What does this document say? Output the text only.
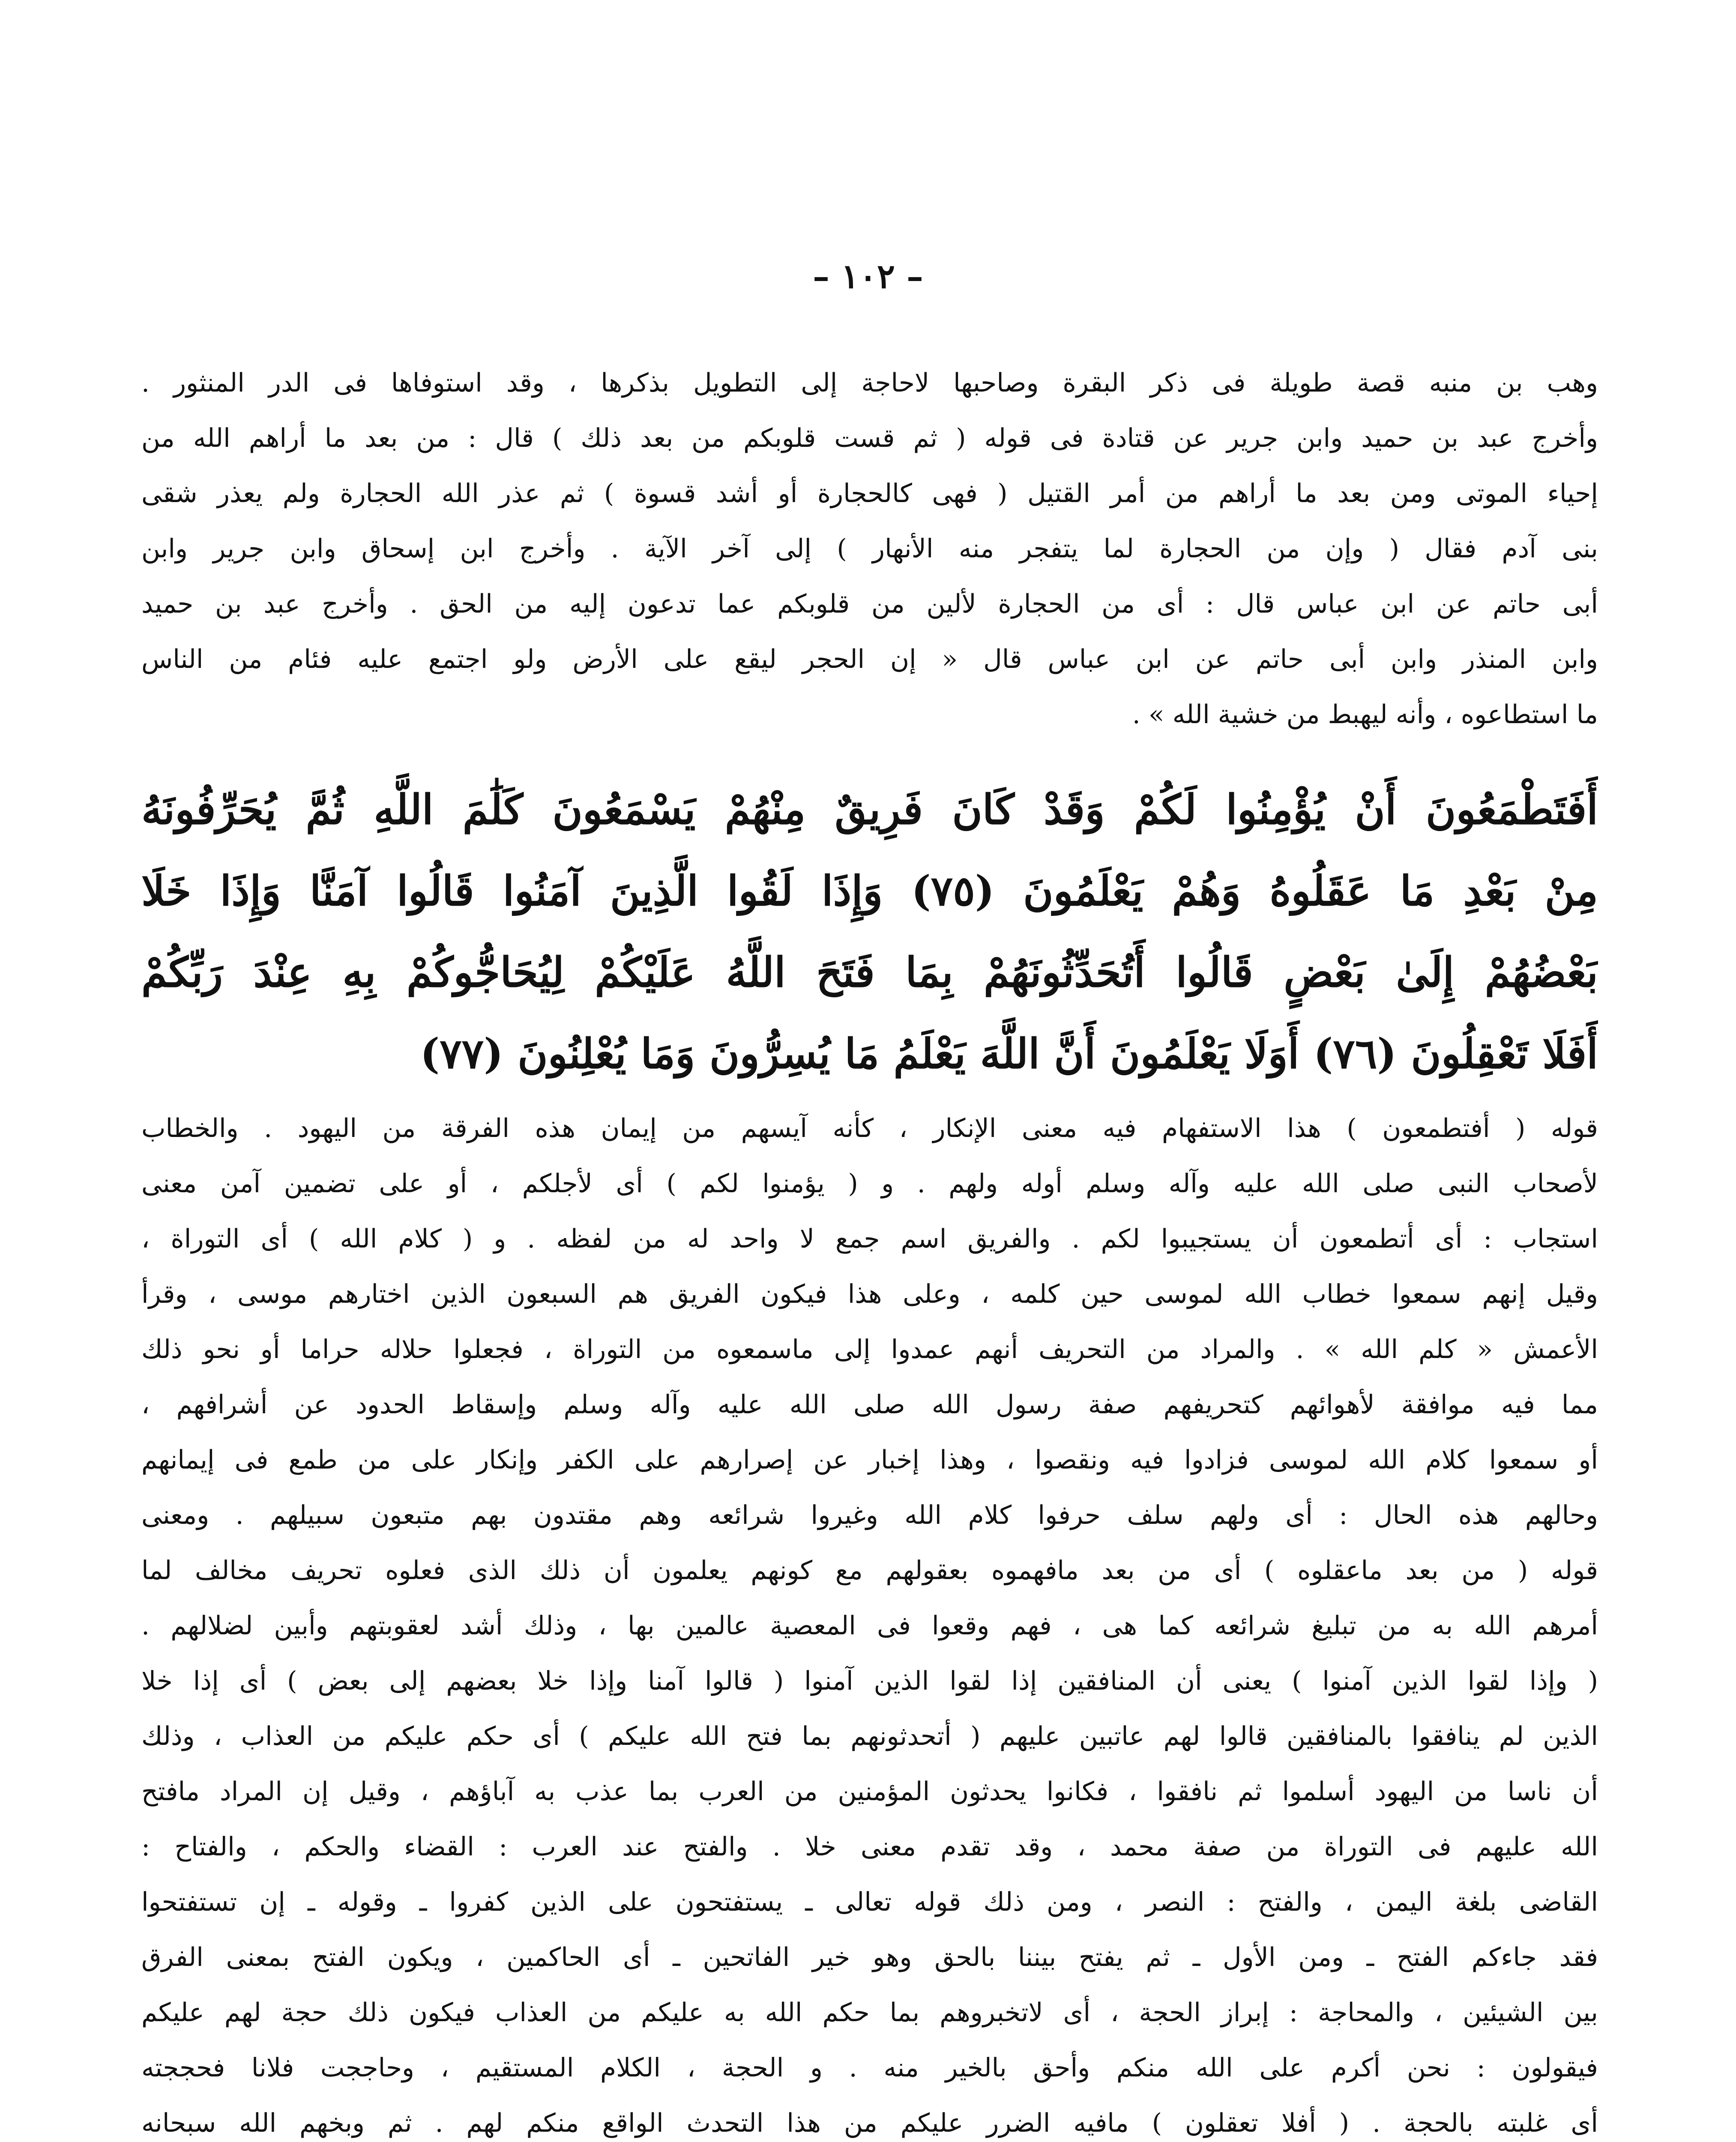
– ١٠٢ –
وهب بن منبه قصة طويلة فى ذكر البقرة وصاحبها لاحاجة إلى التطويل بذكرها ، وقد استوفاها فى الدر المنثور .
وأخرج عبد بن حميد وابن جرير عن قتادة فى قوله ( ثم قست قلوبكم من بعد ذلك ) قال : من بعد ما أراهم الله من
إحياء الموتى ومن بعد ما أراهم من أمر القتيل ( فهى كالحجارة أو أشد قسوة ) ثم عذر الله الحجارة ولم يعذر شقى
بنى آدم فقال ( وإن من الحجارة لما يتفجر منه الأنهار ) إلى آخر الآية . وأخرج ابن إسحاق وابن جرير وابن
أبى حاتم عن ابن عباس قال : أى من الحجارة لألين من قلوبكم عما تدعون إليه من الحق . وأخرج عبد بن حميد
وابن المنذر وابن أبى حاتم عن ابن عباس قال « إن الحجر ليقع على الأرض ولو اجتمع عليه فئام من الناس
ما استطاعوه ، وأنه ليهبط من خشية الله » .
أَفَتَطْمَعُونَ أَنْ يُؤْمِنُوا لَكُمْ وَقَدْ كَانَ فَرِيقٌ مِنْهُمْ يَسْمَعُونَ كَلَٰمَ اللَّهِ ثُمَّ يُحَرِّفُونَهُ
مِنْ بَعْدِ مَا عَقَلُوهُ وَهُمْ يَعْلَمُونَ (٧٥) وَإِذَا لَقُوا الَّذِينَ آمَنُوا قَالُوا آمَنَّا وَإِذَا خَلَا
بَعْضُهُمْ إِلَىٰ بَعْضٍ قَالُوا أَتُحَدِّثُونَهُمْ بِمَا فَتَحَ اللَّهُ عَلَيْكُمْ لِيُحَاجُّوكُمْ بِهِ عِنْدَ رَبِّكُمْ
أَفَلَا تَعْقِلُونَ (٧٦) أَوَلَا يَعْلَمُونَ أَنَّ اللَّهَ يَعْلَمُ مَا يُسِرُّونَ وَمَا يُعْلِنُونَ (٧٧)
قوله ( أفتطمعون ) هذا الاستفهام فيه معنى الإنكار ، كأنه آيسهم من إيمان هذه الفرقة من اليهود . والخطاب
لأصحاب النبى صلى الله عليه وآله وسلم أوله ولهم . و ( يؤمنوا لكم ) أى لأجلكم ، أو على تضمين آمن معنى
استجاب : أى أتطمعون أن يستجيبوا لكم . والفريق اسم جمع لا واحد له من لفظه . و ( كلام الله ) أى التوراة ،
وقيل إنهم سمعوا خطاب الله لموسى حين كلمه ، وعلى هذا فيكون الفريق هم السبعون الذين اختارهم موسى ، وقرأ
الأعمش « كلم الله » . والمراد من التحريف أنهم عمدوا إلى ماسمعوه من التوراة ، فجعلوا حلاله حراما أو نحو ذلك
مما فيه موافقة لأهوائهم كتحريفهم صفة رسول الله صلى الله عليه وآله وسلم وإسقاط الحدود عن أشرافهم ،
أو سمعوا كلام الله لموسى فزادوا فيه ونقصوا ، وهذا إخبار عن إصرارهم على الكفر وإنكار على من طمع فى إيمانهم
وحالهم هذه الحال : أى ولهم سلف حرفوا كلام الله وغيروا شرائعه وهم مقتدون بهم متبعون سبيلهم . ومعنى
قوله ( من بعد ماعقلوه ) أى من بعد مافهموه بعقولهم مع كونهم يعلمون أن ذلك الذى فعلوه تحريف مخالف لما
أمرهم الله به من تبليغ شرائعه كما هى ، فهم وقعوا فى المعصية عالمين بها ، وذلك أشد لعقوبتهم وأبين لضلالهم .
( وإذا لقوا الذين آمنوا ) يعنى أن المنافقين إذا لقوا الذين آمنوا ( قالوا آمنا وإذا خلا بعضهم إلى بعض ) أى إذا خلا
الذين لم ينافقوا بالمنافقين قالوا لهم عاتبين عليهم ( أتحدثونهم بما فتح الله عليكم ) أى حكم عليكم من العذاب ، وذلك
أن ناسا من اليهود أسلموا ثم نافقوا ، فكانوا يحدثون المؤمنين من العرب بما عذب به آباؤهم ، وقيل إن المراد مافتح
الله عليهم فى التوراة من صفة محمد ، وقد تقدم معنى خلا . والفتح عند العرب : القضاء والحكم ، والفتاح :
القاضى بلغة اليمن ، والفتح : النصر ، ومن ذلك قوله تعالى ـ يستفتحون على الذين كفروا ـ وقوله ـ إن تستفتحوا
فقد جاءكم الفتح ـ ومن الأول ـ ثم يفتح بيننا بالحق وهو خير الفاتحين ـ أى الحاكمين ، ويكون الفتح بمعنى الفرق
بين الشيئين ، والمحاجة : إبراز الحجة ، أى لاتخبروهم بما حكم الله به عليكم من العذاب فيكون ذلك حجة لهم عليكم
فيقولون : نحن أكرم على الله منكم وأحق بالخير منه . و الحجة ، الكلام المستقيم ، وحاججت فلانا فحججته
أى غلبته بالحجة . ( أفلا تعقلون ) مافيه الضرر عليكم من هذا التحدث الواقع منكم لهم . ثم وبخهم الله سبحانه
